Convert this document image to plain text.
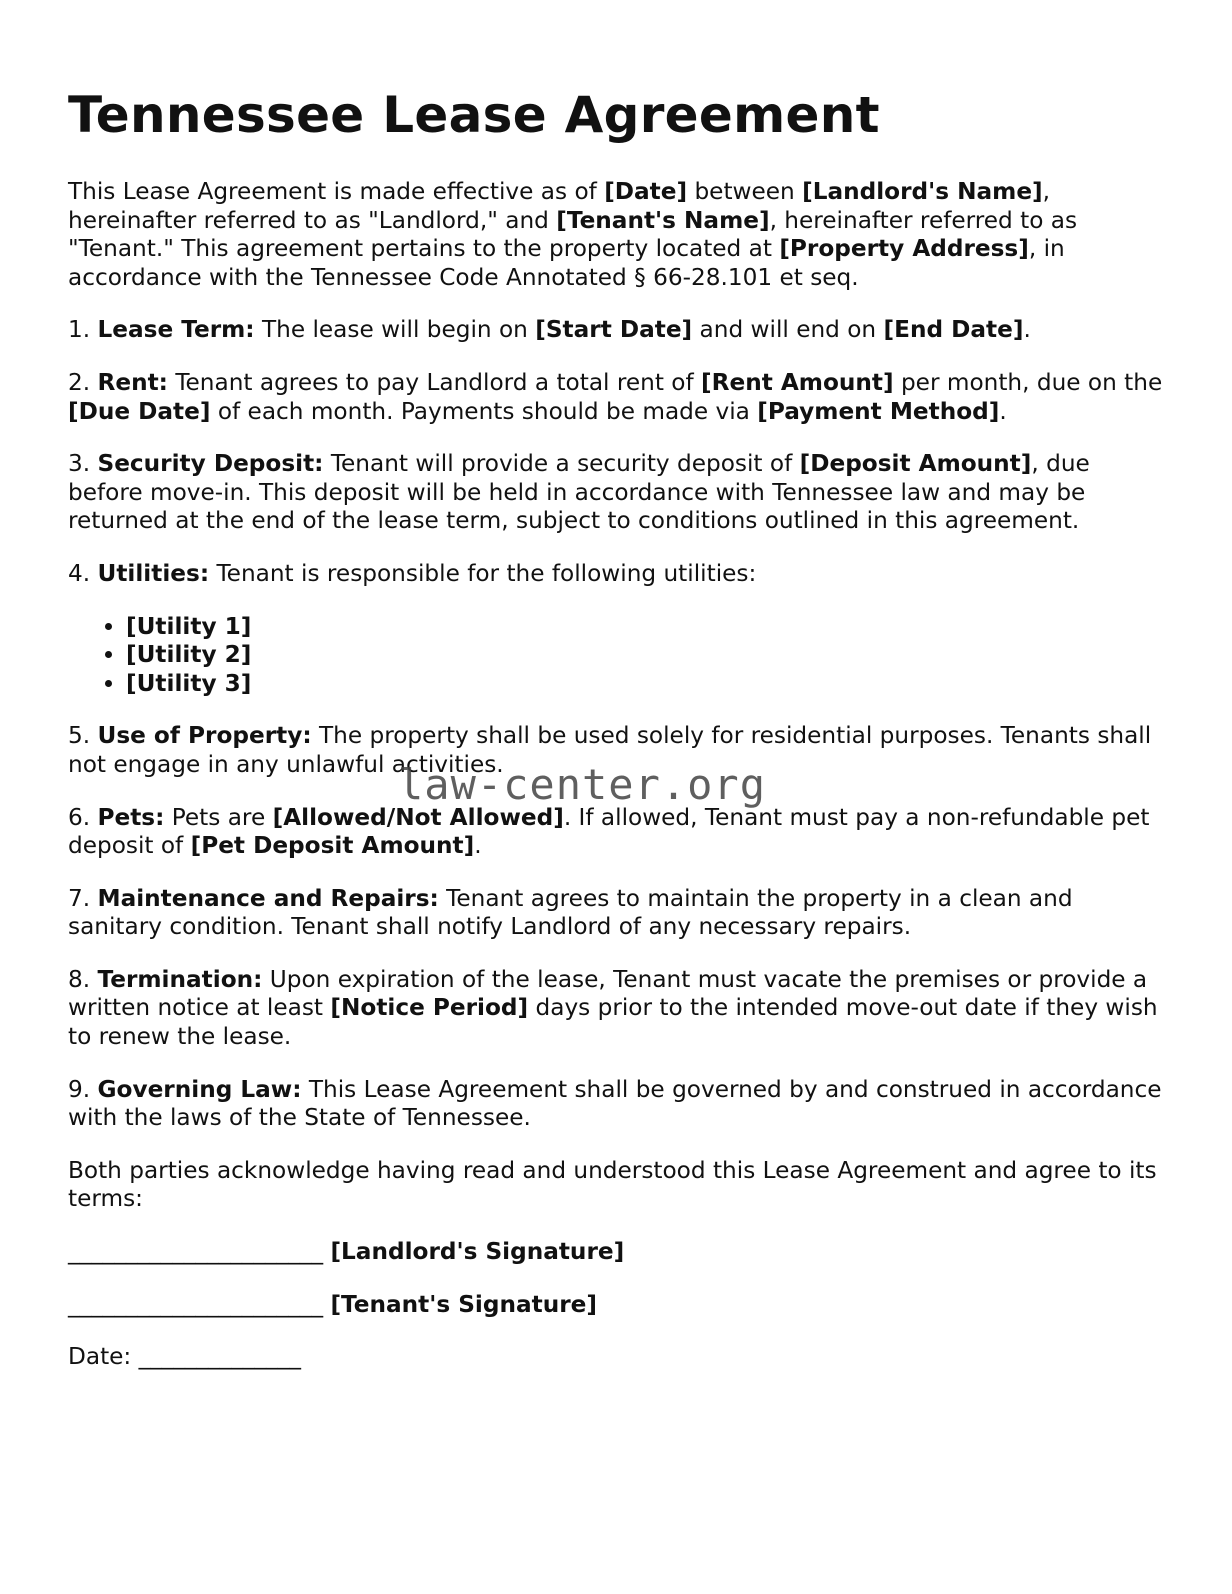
Tennessee Lease Agreement

This Lease Agreement is made effective as of [Date] between [Landlord's Name], hereinafter referred to as "Landlord," and [Tenant's Name], hereinafter referred to as "Tenant." This agreement pertains to the property located at [Property Address], in accordance with the Tennessee Code Annotated § 66-28.101 et seq.

1. Lease Term: The lease will begin on [Start Date] and will end on [End Date].

2. Rent: Tenant agrees to pay Landlord a total rent of [Rent Amount] per month, due on the [Due Date] of each month. Payments should be made via [Payment Method].

3. Security Deposit: Tenant will provide a security deposit of [Deposit Amount], due before move-in. This deposit will be held in accordance with Tennessee law and may be returned at the end of the lease term, subject to conditions outlined in this agreement.

4. Utilities: Tenant is responsible for the following utilities:

• [Utility 1]
• [Utility 2]
• [Utility 3]

5. Use of Property: The property shall be used solely for residential purposes. Tenants shall not engage in any unlawful activities.

6. Pets: Pets are [Allowed/Not Allowed]. If allowed, Tenant must pay a non-refundable pet deposit of [Pet Deposit Amount].

7. Maintenance and Repairs: Tenant agrees to maintain the property in a clean and sanitary condition. Tenant shall notify Landlord of any necessary repairs.

8. Termination: Upon expiration of the lease, Tenant must vacate the premises or provide a written notice at least [Notice Period] days prior to the intended move-out date if they wish to renew the lease.

9. Governing Law: This Lease Agreement shall be governed by and construed in accordance with the laws of the State of Tennessee.

Both parties acknowledge having read and understood this Lease Agreement and agree to its terms:

______________________ [Landlord's Signature]

______________________ [Tenant's Signature]

Date: ______________

law-center.org
